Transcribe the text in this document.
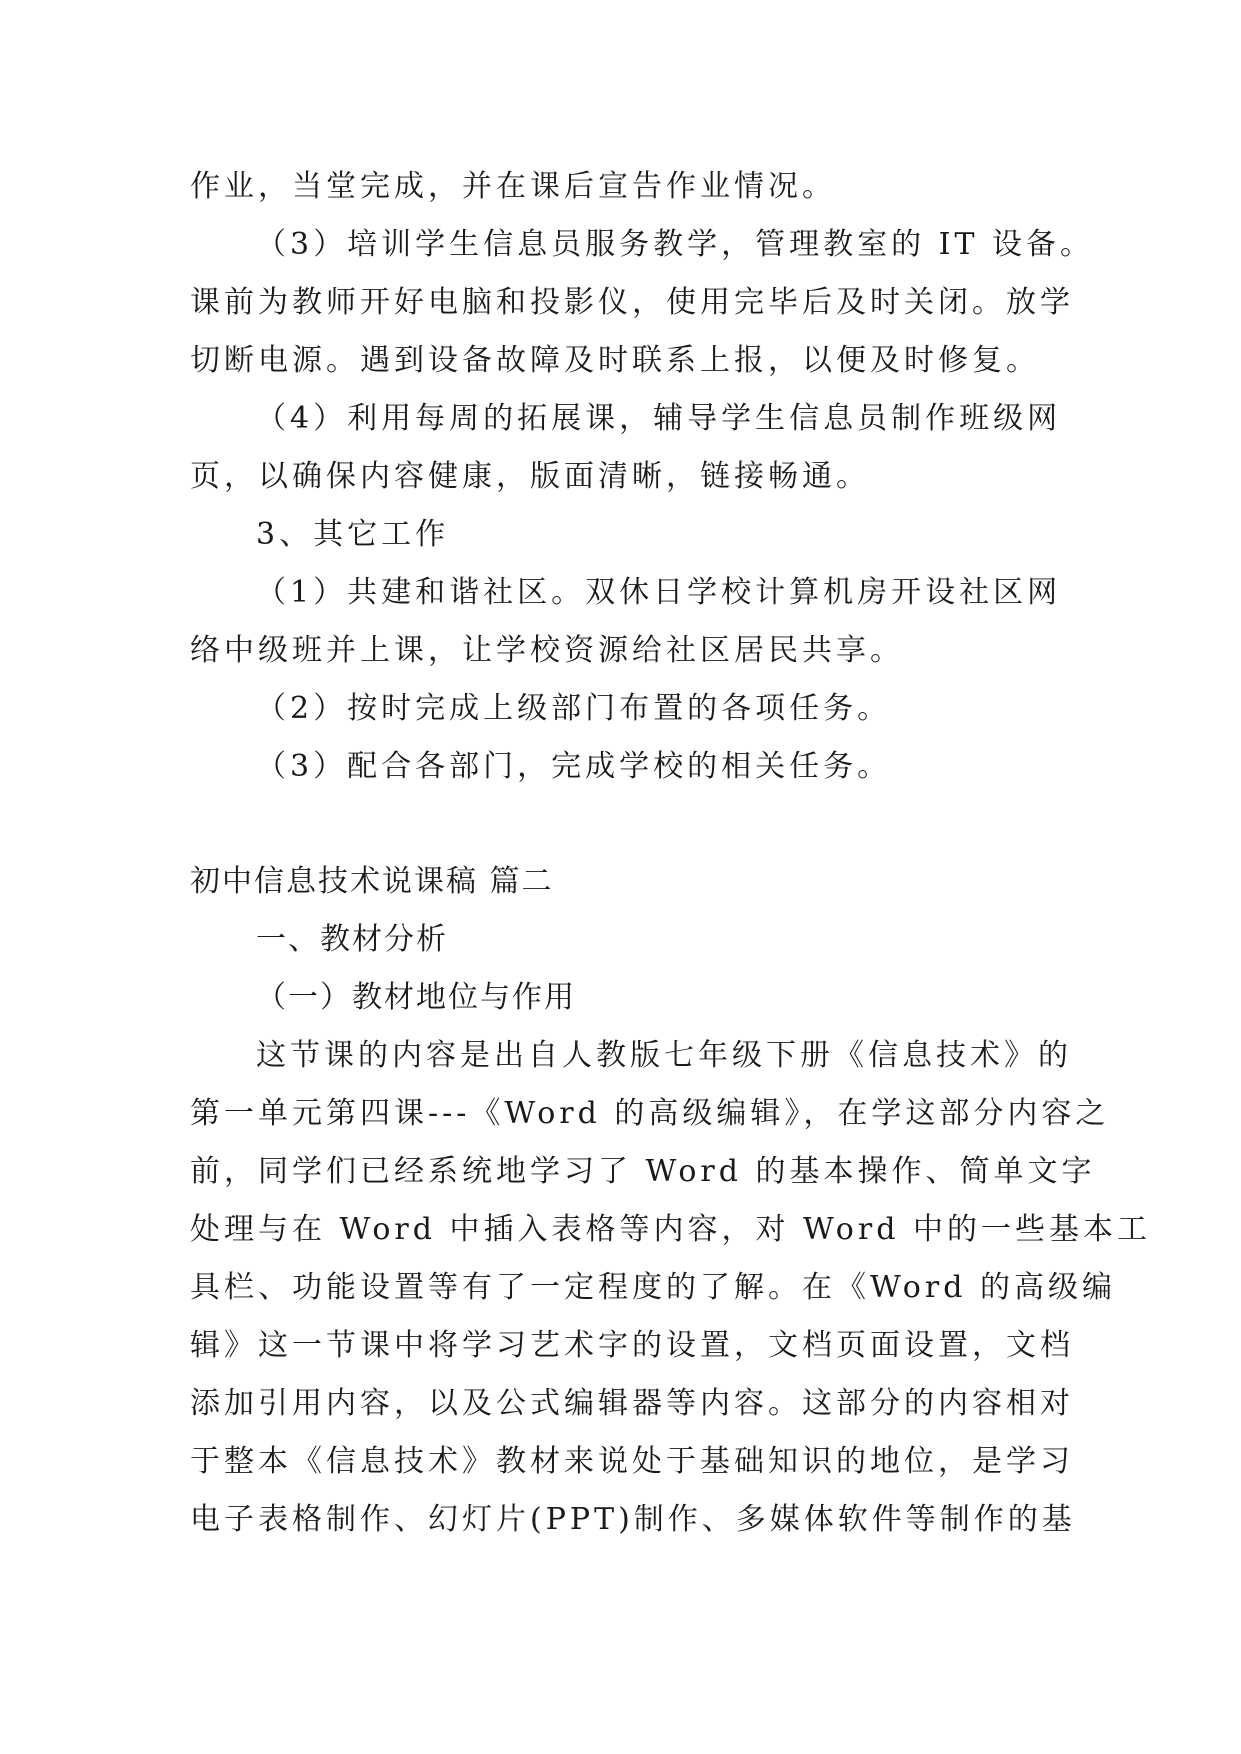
作业，当堂完成，并在课后宣告作业情况。
（3）培训学生信息员服务教学，管理教室的 IT 设备。
课前为教师开好电脑和投影仪，使用完毕后及时关闭。放学
切断电源。遇到设备故障及时联系上报，以便及时修复。
（4）利用每周的拓展课，辅导学生信息员制作班级网
页，以确保内容健康，版面清晰，链接畅通。
3、其它工作
（1）共建和谐社区。双休日学校计算机房开设社区网
络中级班并上课，让学校资源给社区居民共享。
（2）按时完成上级部门布置的各项任务。
（3）配合各部门，完成学校的相关任务。
初中信息技术说课稿 篇二
一、教材分析
（一）教材地位与作用
这节课的内容是出自人教版七年级下册《信息技术》的
第一单元第四课---《Word 的高级编辑》，在学这部分内容之
前，同学们已经系统地学习了 Word 的基本操作、简单文字
处理与在 Word 中插入表格等内容，对 Word 中的一些基本工
具栏、功能设置等有了一定程度的了解。在《Word 的高级编
辑》这一节课中将学习艺术字的设置，文档页面设置，文档
添加引用内容，以及公式编辑器等内容。这部分的内容相对
于整本《信息技术》教材来说处于基础知识的地位，是学习
电子表格制作、幻灯片(PPT)制作、多媒体软件等制作的基
